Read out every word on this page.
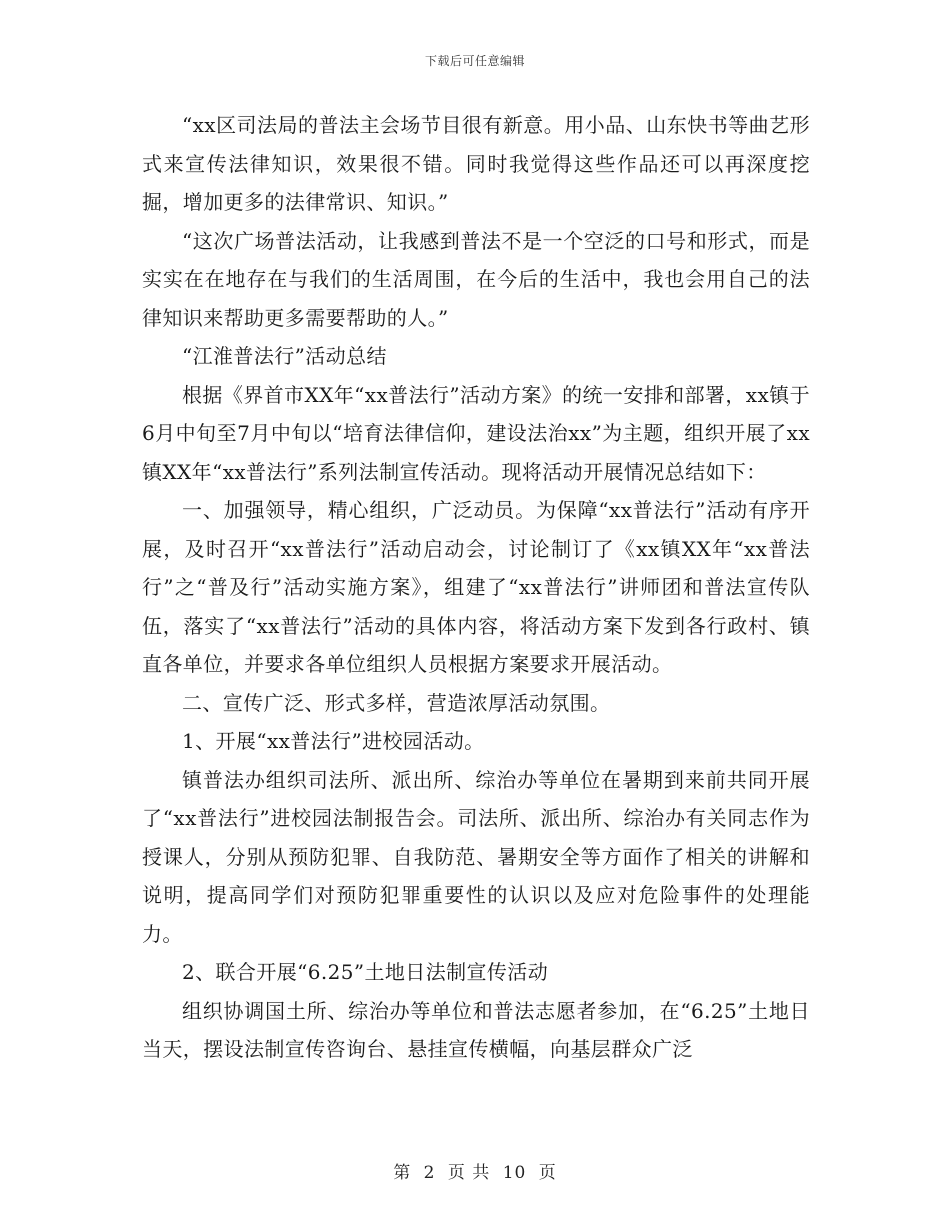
下载后可任意编辑

“xx区司法局的普法主会场节目很有新意。用小品、山东快书等曲艺形式来宣传法律知识，效果很不错。同时我觉得这些作品还可以再深度挖掘，增加更多的法律常识、知识。”

“这次广场普法活动，让我感到普法不是一个空泛的口号和形式，而是实实在在地存在与我们的生活周围，在今后的生活中，我也会用自己的法律知识来帮助更多需要帮助的人。”

“江淮普法行”活动总结

根据《界首市XX年“xx普法行”活动方案》的统一安排和部署，xx镇于6月中旬至7月中旬以“培育法律信仰，建设法治xx”为主题，组织开展了xx镇XX年“xx普法行”系列法制宣传活动。现将活动开展情况总结如下：

一、加强领导，精心组织，广泛动员。为保障“xx普法行”活动有序开展，及时召开“xx普法行”活动启动会，讨论制订了《xx镇XX年“xx普法行”之“普及行”活动实施方案》，组建了“xx普法行”讲师团和普法宣传队伍，落实了“xx普法行”活动的具体内容，将活动方案下发到各行政村、镇直各单位，并要求各单位组织人员根据方案要求开展活动。

二、宣传广泛、形式多样，营造浓厚活动氛围。

1、开展“xx普法行”进校园活动。

镇普法办组织司法所、派出所、综治办等单位在暑期到来前共同开展了“xx普法行”进校园法制报告会。司法所、派出所、综治办有关同志作为授课人，分别从预防犯罪、自我防范、暑期安全等方面作了相关的讲解和说明，提高同学们对预防犯罪重要性的认识以及应对危险事件的处理能力。

2、联合开展“6.25”土地日法制宣传活动

组织协调国土所、综治办等单位和普法志愿者参加，在“6.25”土地日当天，摆设法制宣传咨询台、悬挂宣传横幅，向基层群众广泛

第 2 页 共 10 页
